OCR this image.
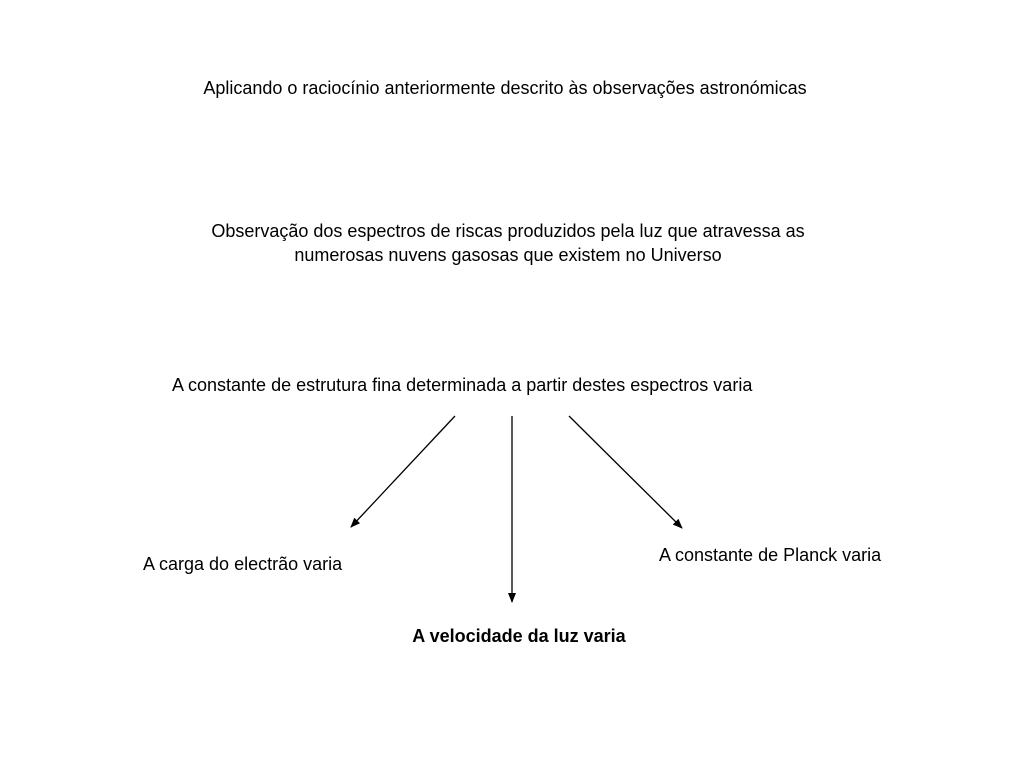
Aplicando o raciocínio anteriormente descrito às observações astronómicas
Observação dos espectros de riscas produzidos pela luz que atravessa as
numerosas nuvens gasosas que existem no Universo
A constante de estrutura fina determinada a partir destes espectros varia
A carga do electrão varia	A constante de Planck varia
A velocidade da luz varia
